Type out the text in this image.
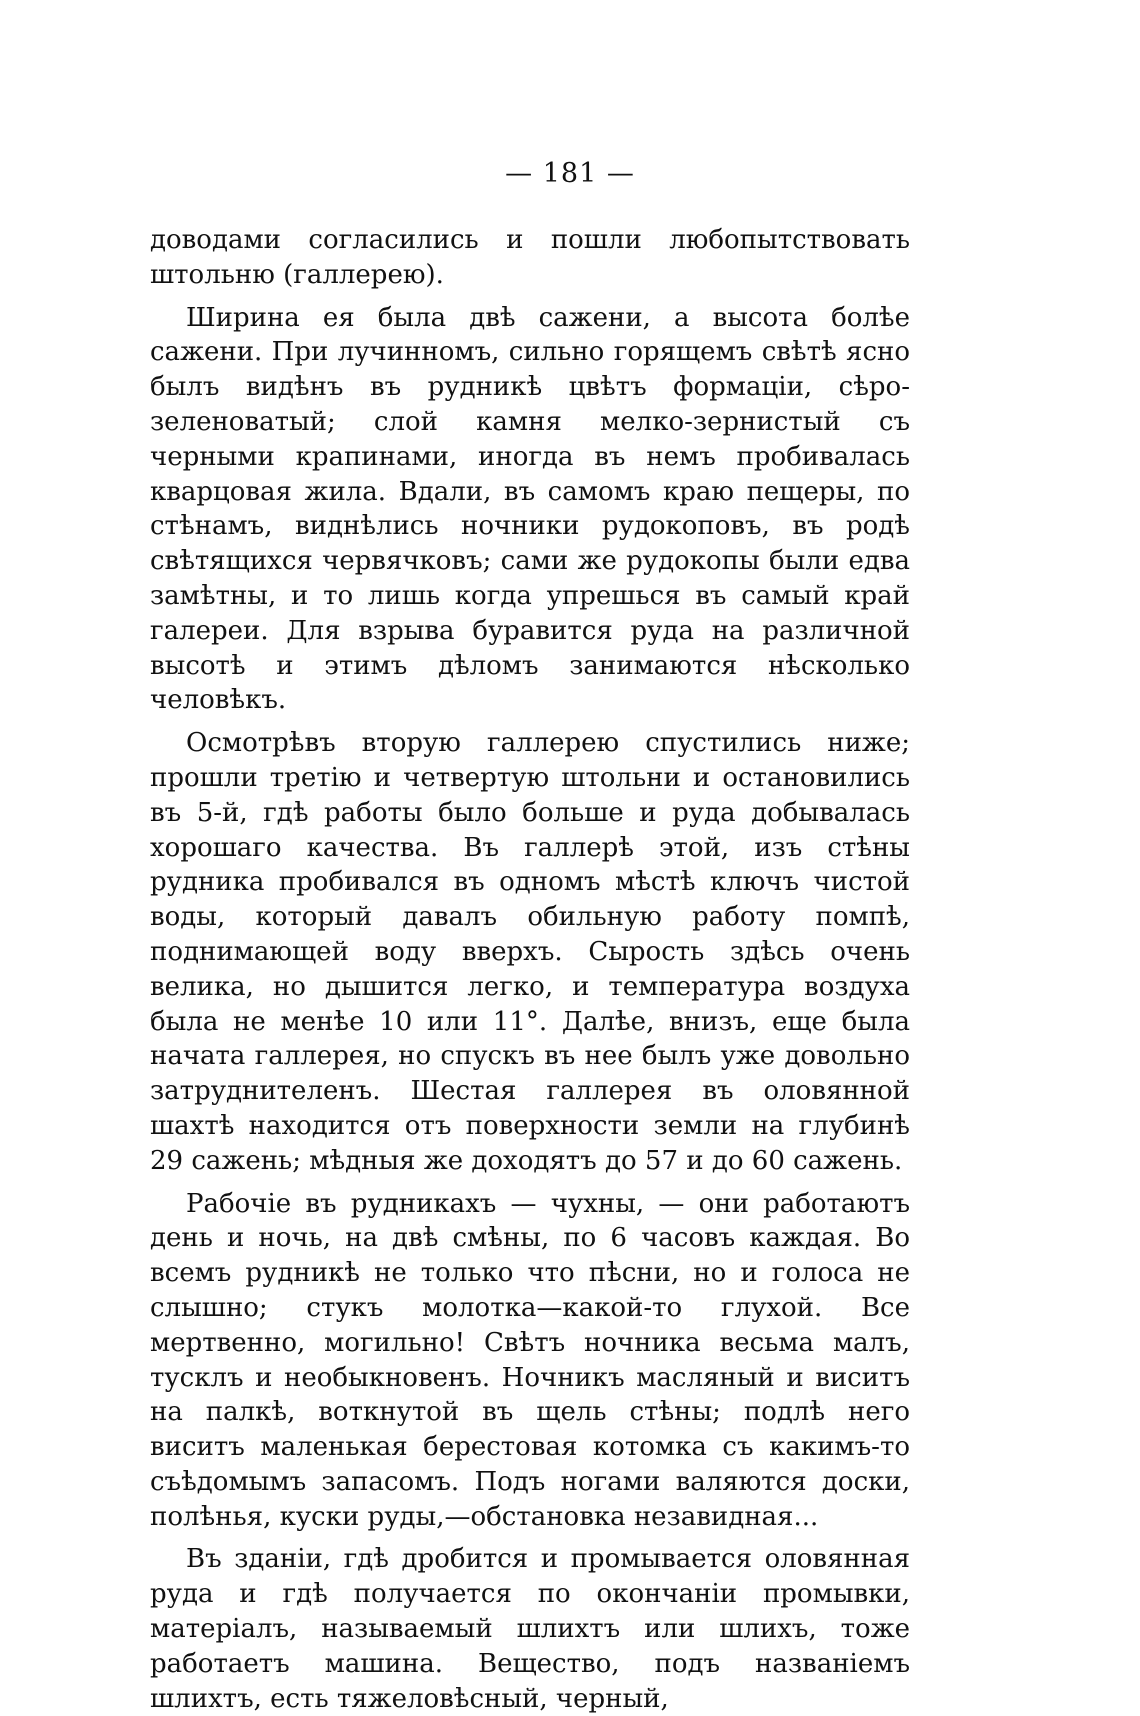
— 181 —

доводами согласились и пошли любопытствовать штольню (галлерею).

Ширина ея была двѣ сажени, а высота болѣе сажени. При лучинномъ, сильно горящемъ свѣтѣ ясно былъ видѣнъ въ рудникѣ цвѣтъ формаціи, сѣро-зеленоватый; слой камня мелко-зернистый съ черными крапинами, иногда въ немъ пробивалась кварцовая жила. Вдали, въ самомъ краю пещеры, по стѣнамъ, виднѣлись ночники рудокоповъ, въ родѣ свѣтящихся червячковъ; сами же рудокопы были едва замѣтны, и то лишь когда упрешься въ самый край галереи. Для взрыва буравится руда на различной высотѣ и этимъ дѣломъ занимаются нѣсколько человѣкъ.

Осмотрѣвъ вторую галлерею спустились ниже; прошли третію и четвертую штольни и остановились въ 5-й, гдѣ работы было больше и руда добывалась хорошаго качества. Въ галлерѣ этой, изъ стѣны рудника пробивался въ одномъ мѣстѣ ключъ чистой воды, который давалъ обильную работу помпѣ, поднимающей воду вверхъ. Сырость здѣсь очень велика, но дышится легко, и температура воздуха была не менѣе 10 или 11°. Далѣе, внизъ, еще была начата галлерея, но спускъ въ нее былъ уже довольно затруднителенъ. Шестая галлерея въ оловянной шахтѣ находится отъ поверхности земли на глубинѣ 29 сажень; мѣдныя же доходятъ до 57 и до 60 сажень.

Рабочіе въ рудникахъ — чухны, — они работаютъ день и ночь, на двѣ смѣны, по 6 часовъ каждая. Во всемъ рудникѣ не только что пѣсни, но и голоса не слышно; стукъ молотка—какой-то глухой. Все мертвенно, могильно! Свѣтъ ночника весьма малъ, тусклъ и необыкновенъ. Ночникъ масляный и виситъ на палкѣ, воткнутой въ щель стѣны; подлѣ него виситъ маленькая берестовая котомка съ какимъ-то съѣдомымъ запасомъ. Подъ ногами валяются доски, полѣнья, куски руды,—обстановка незавидная...

Въ зданіи, гдѣ дробится и промывается оловянная руда и гдѣ получается по окончаніи промывки, матеріалъ, называемый шлихтъ или шлихъ, тоже работаетъ машина. Вещество, подъ названіемъ шлихтъ, есть тяжеловѣсный, черный,
